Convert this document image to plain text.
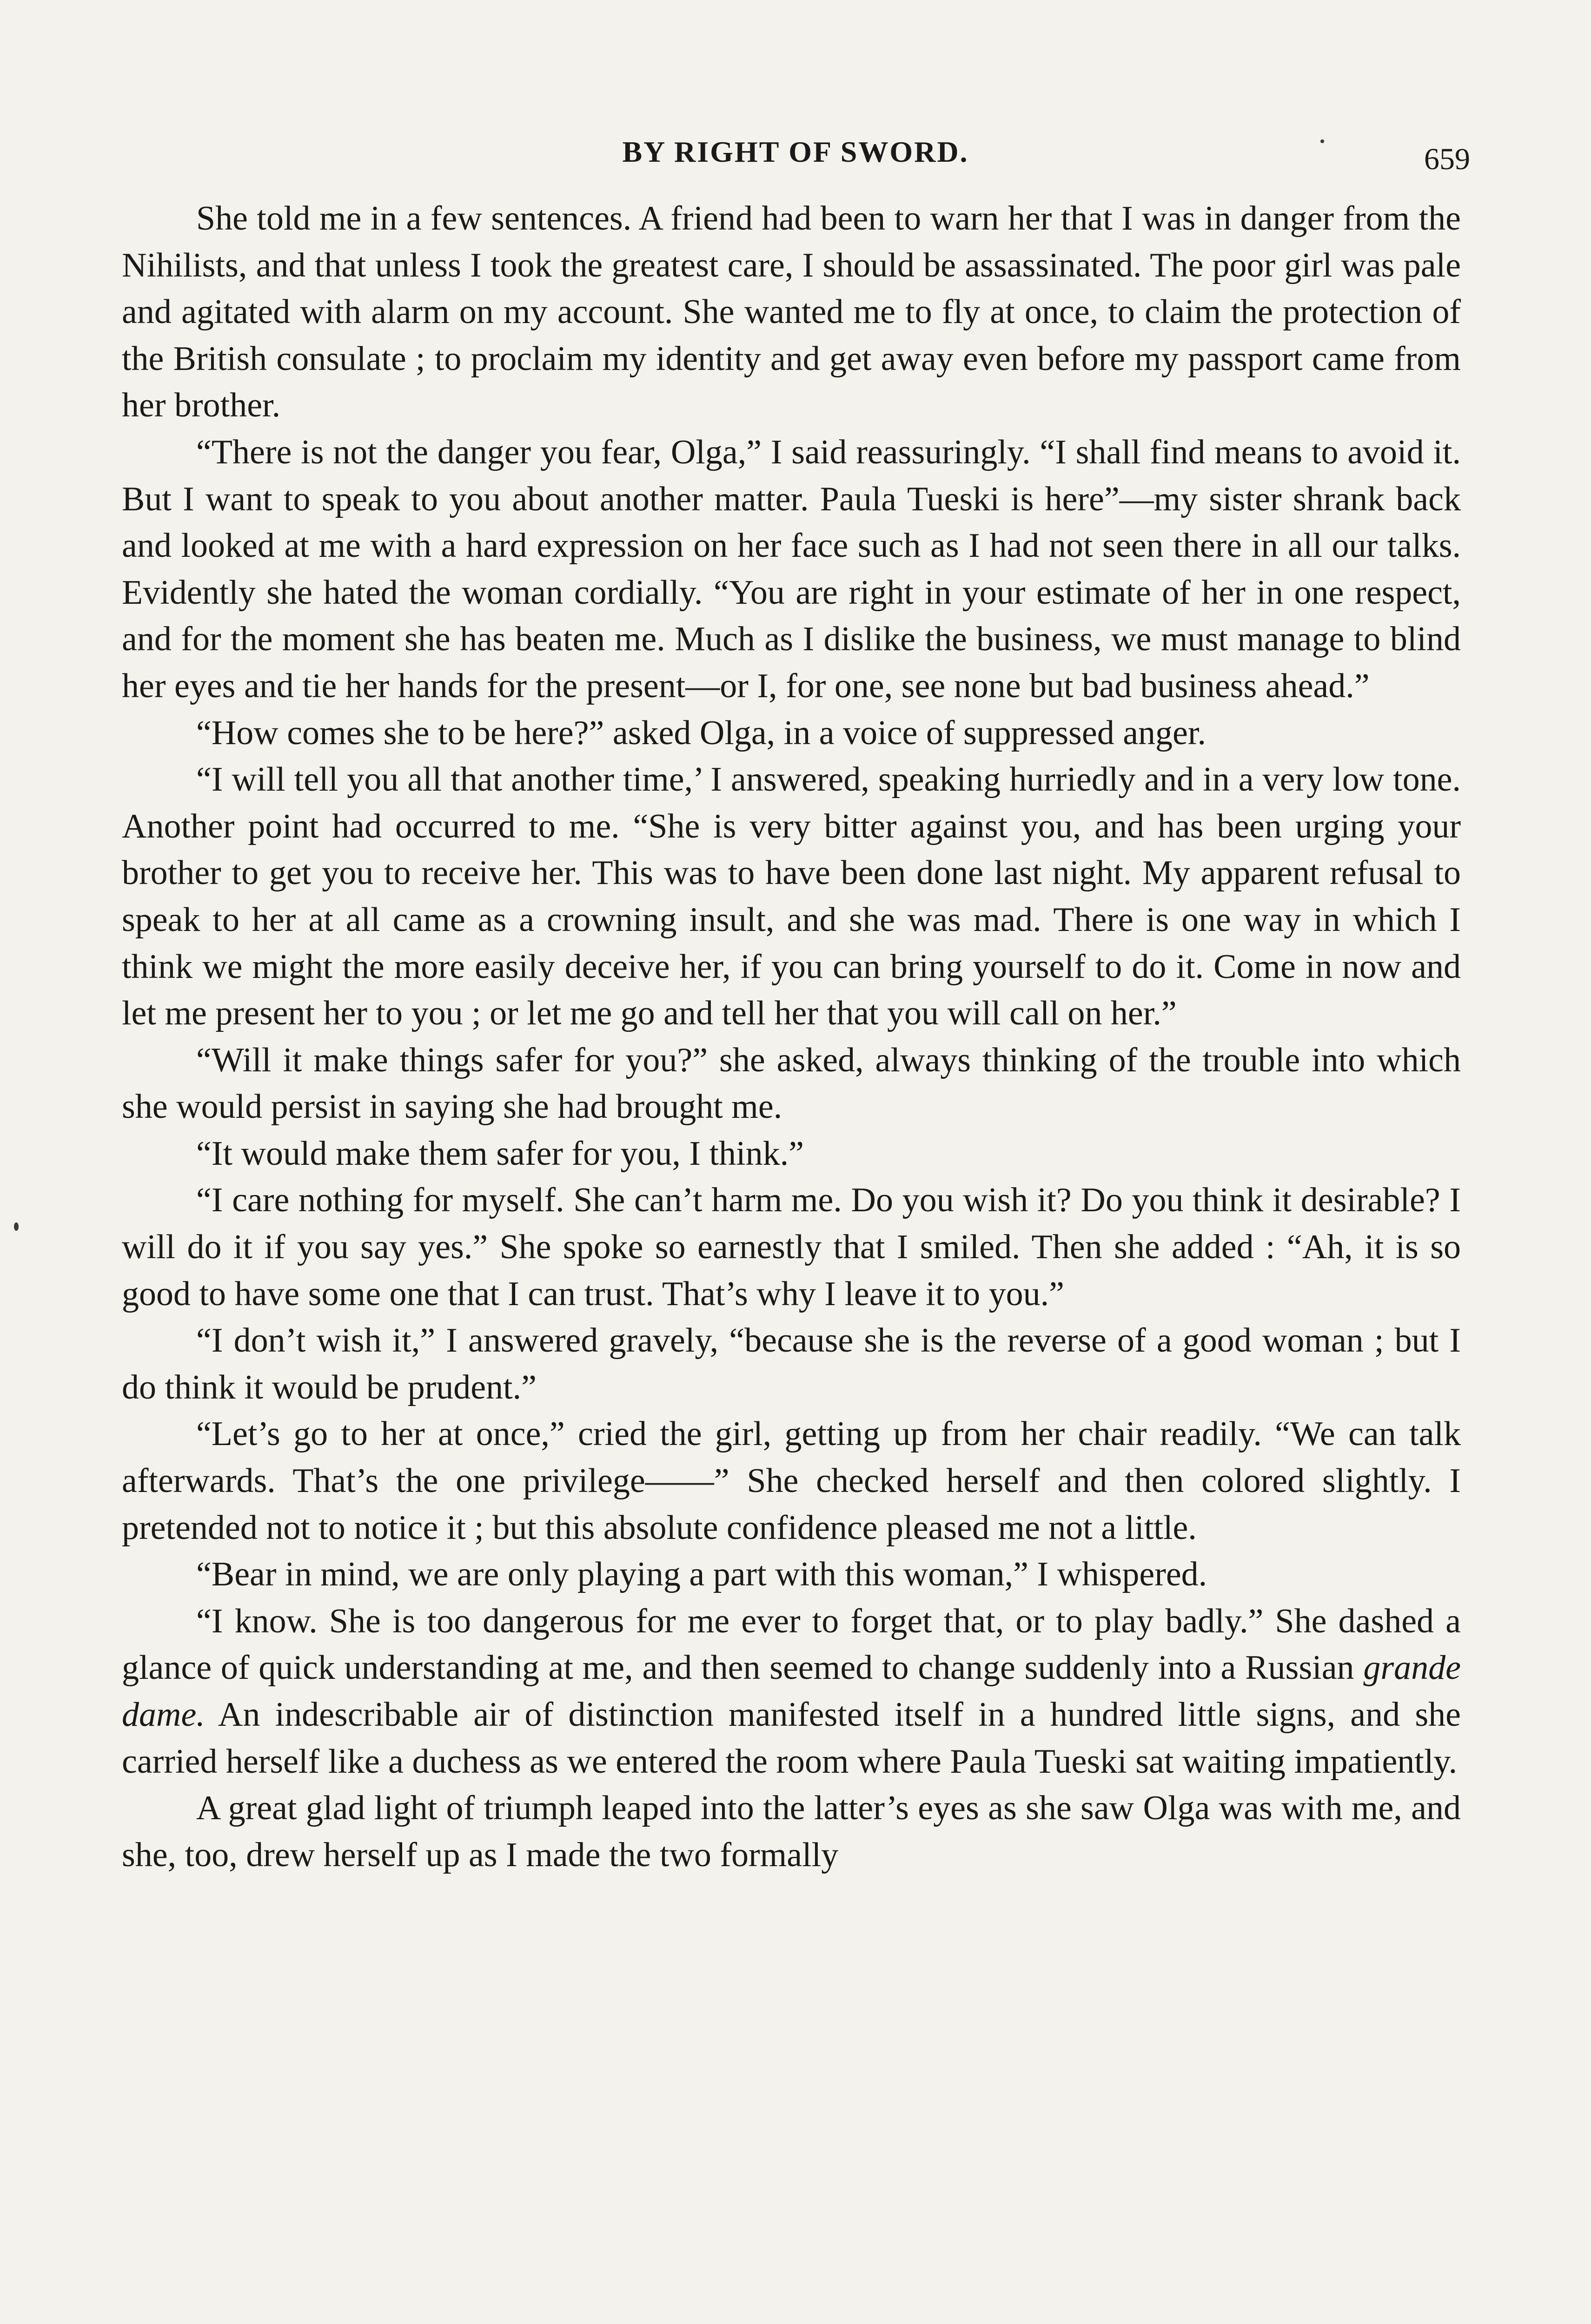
BY RIGHT OF SWORD.	659

She told me in a few sentences. A friend had been to warn her that I was in danger from the Nihilists, and that unless I took the greatest care, I should be assassinated. The poor girl was pale and agitated with alarm on my account. She wanted me to fly at once, to claim the protection of the British consulate ; to proclaim my identity and get away even before my passport came from her brother.

“There is not the danger you fear, Olga,” I said reassuringly. “I shall find means to avoid it. But I want to speak to you about another matter. Paula Tueski is here”—my sister shrank back and looked at me with a hard expression on her face such as I had not seen there in all our talks. Evidently she hated the woman cordially. “You are right in your estimate of her in one respect, and for the moment she has beaten me. Much as I dislike the business, we must manage to blind her eyes and tie her hands for the present—or I, for one, see none but bad business ahead.”

“How comes she to be here?” asked Olga, in a voice of suppressed anger.

“I will tell you all that another time,’ I answered, speaking hurriedly and in a very low tone. Another point had occurred to me. “She is very bitter against you, and has been urging your brother to get you to receive her. This was to have been done last night. My apparent refusal to speak to her at all came as a crowning insult, and she was mad. There is one way in which I think we might the more easily deceive her, if you can bring yourself to do it. Come in now and let me present her to you ; or let me go and tell her that you will call on her.”

“Will it make things safer for you?” she asked, always thinking of the trouble into which she would persist in saying she had brought me.

“It would make them safer for you, I think.”

“I care nothing for myself. She can’t harm me. Do you wish it? Do you think it desirable? I will do it if you say yes.” She spoke so earnestly that I smiled. Then she added : “Ah, it is so good to have some one that I can trust. That’s why I leave it to you.”

“I don’t wish it,” I answered gravely, “because she is the reverse of a good woman ; but I do think it would be prudent.”

“Let’s go to her at once,” cried the girl, getting up from her chair readily. “We can talk afterwards. That’s the one privilege——” She checked herself and then colored slightly. I pretended not to notice it ; but this absolute confidence pleased me not a little.

“Bear in mind, we are only playing a part with this woman,” I whispered.

“I know. She is too dangerous for me ever to forget that, or to play badly.” She dashed a glance of quick understanding at me, and then seemed to change suddenly into a Russian grande dame. An indescribable air of distinction manifested itself in a hundred little signs, and she carried herself like a duchess as we entered the room where Paula Tueski sat waiting impatiently.

A great glad light of triumph leaped into the latter’s eyes as she saw Olga was with me, and she, too, drew herself up as I made the two formally
